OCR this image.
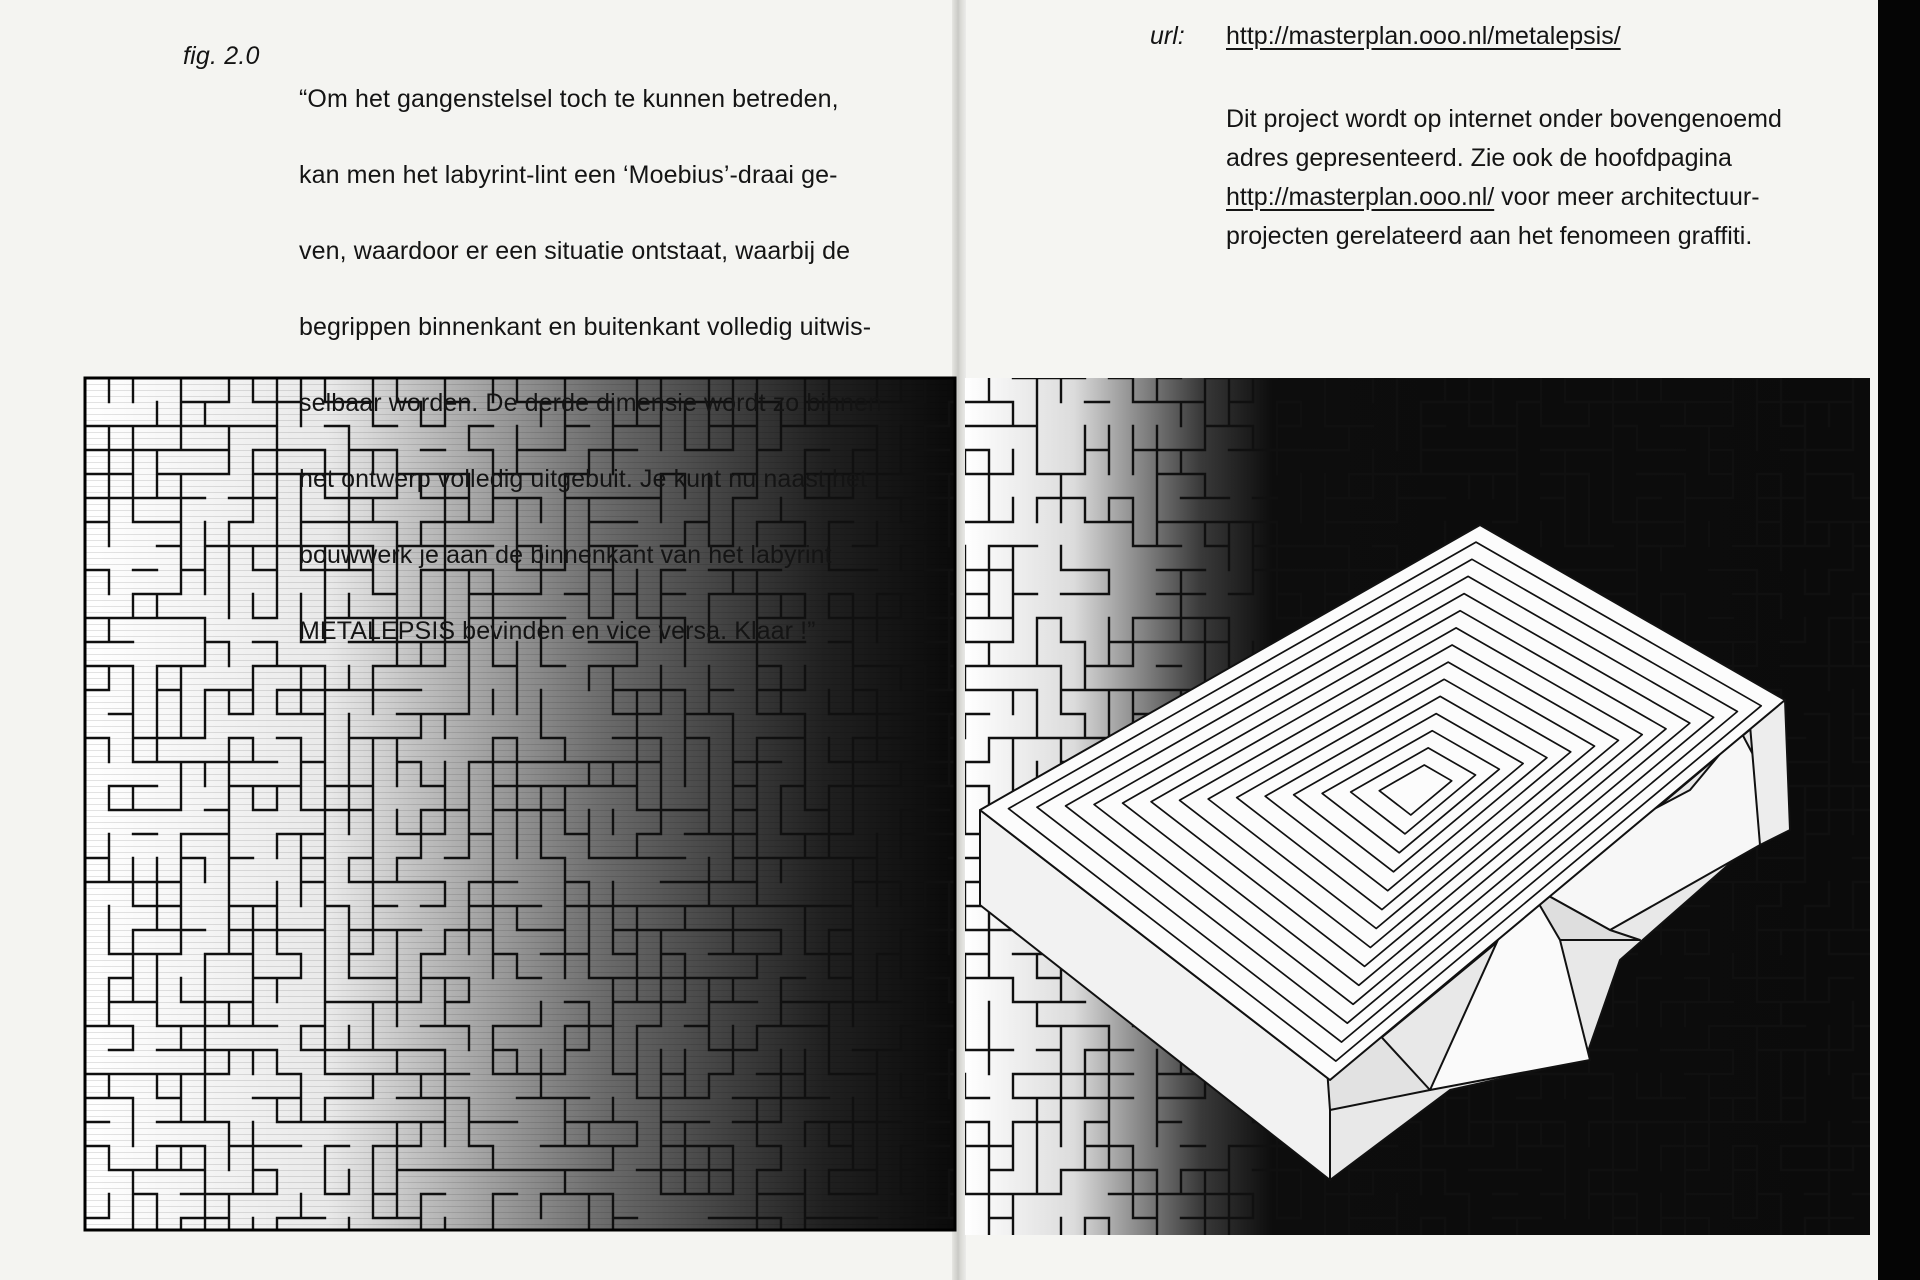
fig. 2.0

“Om het gangenstelsel toch te kunnen betreden,

kan men het labyrint-lint een ‘Moebius’-draai ge-

ven, waardoor er een situatie ontstaat, waarbij de

begrippen binnenkant en buitenkant volledig uitwis-

selbaar worden. De derde dimensie wordt zo binnen

het ontwerp volledig uitgebuit. Je kunt nu naast het

bouwwerk je aan de binnenkant van het labyrint

METALEPSIS bevinden en vice versa. Klaar !”

url: http://masterplan.ooo.nl/metalepsis/
Dit project wordt op internet onder bovengenoemd adres gepresenteerd. Zie ook de hoofdpagina http://masterplan.ooo.nl/ voor meer architectuur-projecten gerelateerd aan het fenomeen graffiti.
